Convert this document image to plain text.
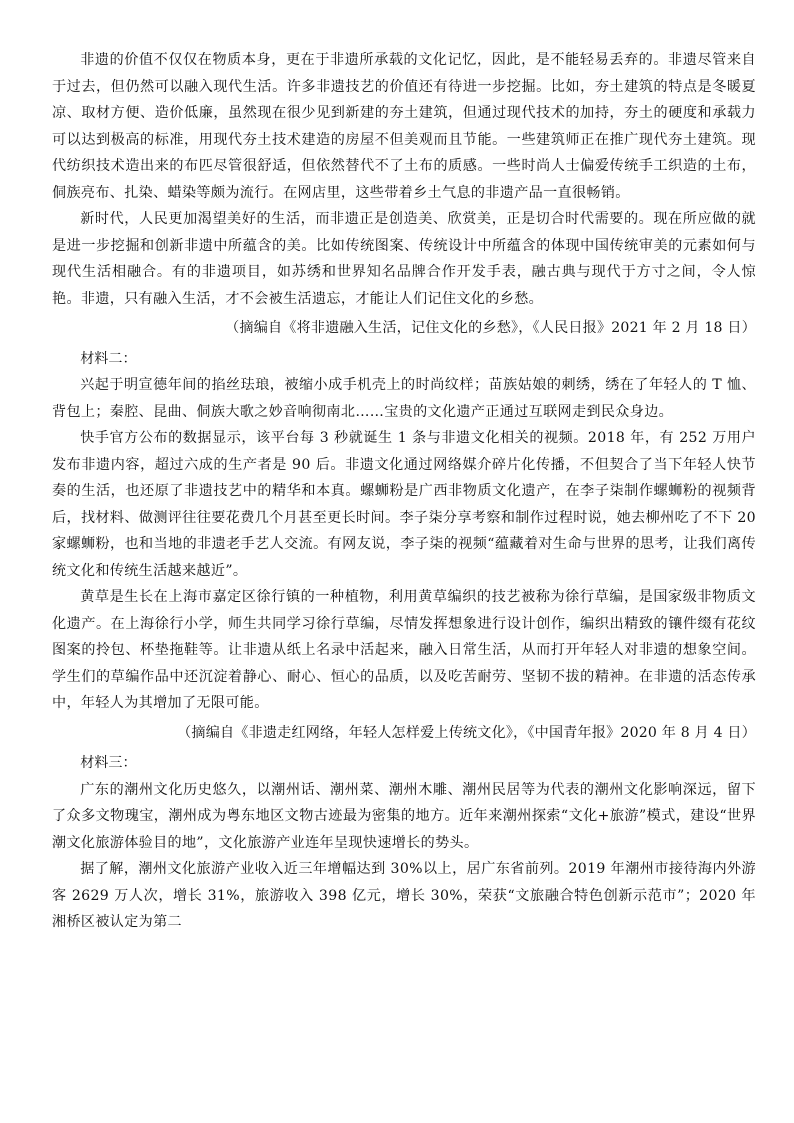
非遗的价值不仅仅在物质本身，更在于非遗所承载的文化记忆，因此，是不能轻易丢弃的。非遗尽管来自于过去，但仍然可以融入现代生活。许多非遗技艺的价值还有待进一步挖掘。比如，夯土建筑的特点是冬暖夏凉、取材方便、造价低廉，虽然现在很少见到新建的夯土建筑，但通过现代技术的加持，夯土的硬度和承载力可以达到极高的标准，用现代夯土技术建造的房屋不但美观而且节能。一些建筑师正在推广现代夯土建筑。现代纺织技术造出来的布匹尽管很舒适，但依然替代不了土布的质感。一些时尚人士偏爱传统手工织造的土布，侗族亮布、扎染、蜡染等颇为流行。在网店里，这些带着乡土气息的非遗产品一直很畅销。

新时代，人民更加渴望美好的生活，而非遗正是创造美、欣赏美，正是切合时代需要的。现在所应做的就是进一步挖掘和创新非遗中所蕴含的美。比如传统图案、传统设计中所蕴含的体现中国传统审美的元素如何与现代生活相融合。有的非遗项目，如苏绣和世界知名品牌合作开发手表，融古典与现代于方寸之间，令人惊艳。非遗，只有融入生活，才不会被生活遗忘，才能让人们记住文化的乡愁。

（摘编自《将非遗融入生活，记住文化的乡愁》，《人民日报》2021 年 2 月 18 日）

材料二：

兴起于明宣德年间的掐丝珐琅，被缩小成手机壳上的时尚纹样；苗族姑娘的刺绣，绣在了年轻人的 T 恤、背包上；秦腔、昆曲、侗族大歌之妙音响彻南北……宝贵的文化遗产正通过互联网走到民众身边。

快手官方公布的数据显示，该平台每 3 秒就诞生 1 条与非遗文化相关的视频。2018 年，有 252 万用户发布非遗内容，超过六成的生产者是 90 后。非遗文化通过网络媒介碎片化传播，不但契合了当下年轻人快节奏的生活，也还原了非遗技艺中的精华和本真。螺蛳粉是广西非物质文化遗产，在李子柒制作螺蛳粉的视频背后，找材料、做测评往往要花费几个月甚至更长时间。李子柒分享考察和制作过程时说，她去柳州吃了不下 20 家螺蛳粉，也和当地的非遗老手艺人交流。有网友说，李子柒的视频“蕴藏着对生命与世界的思考，让我们离传统文化和传统生活越来越近”。

黄草是生长在上海市嘉定区徐行镇的一种植物，利用黄草编织的技艺被称为徐行草编，是国家级非物质文化遗产。在上海徐行小学，师生共同学习徐行草编，尽情发挥想象进行设计创作，编织出精致的镶件缀有花纹图案的拎包、杯垫拖鞋等。让非遗从纸上名录中活起来，融入日常生活，从而打开年轻人对非遗的想象空间。学生们的草编作品中还沉淀着静心、耐心、恒心的品质，以及吃苦耐劳、坚韧不拔的精神。在非遗的活态传承中，年轻人为其增加了无限可能。

（摘编自《非遗走红网络，年轻人怎样爱上传统文化》，《中国青年报》2020 年 8 月 4 日）

材料三：

广东的潮州文化历史悠久，以潮州话、潮州菜、潮州木雕、潮州民居等为代表的潮州文化影响深远，留下了众多文物瑰宝，潮州成为粤东地区文物古迹最为密集的地方。近年来潮州探索“文化+旅游”模式，建设“世界潮文化旅游体验目的地”，文化旅游产业连年呈现快速增长的势头。

据了解，潮州文化旅游产业收入近三年增幅达到 30%以上，居广东省前列。2019 年潮州市接待海内外游客 2629 万人次，增长 31%，旅游收入 398 亿元，增长 30%，荣获“文旅融合特色创新示范市”；2020 年湘桥区被认定为第二
